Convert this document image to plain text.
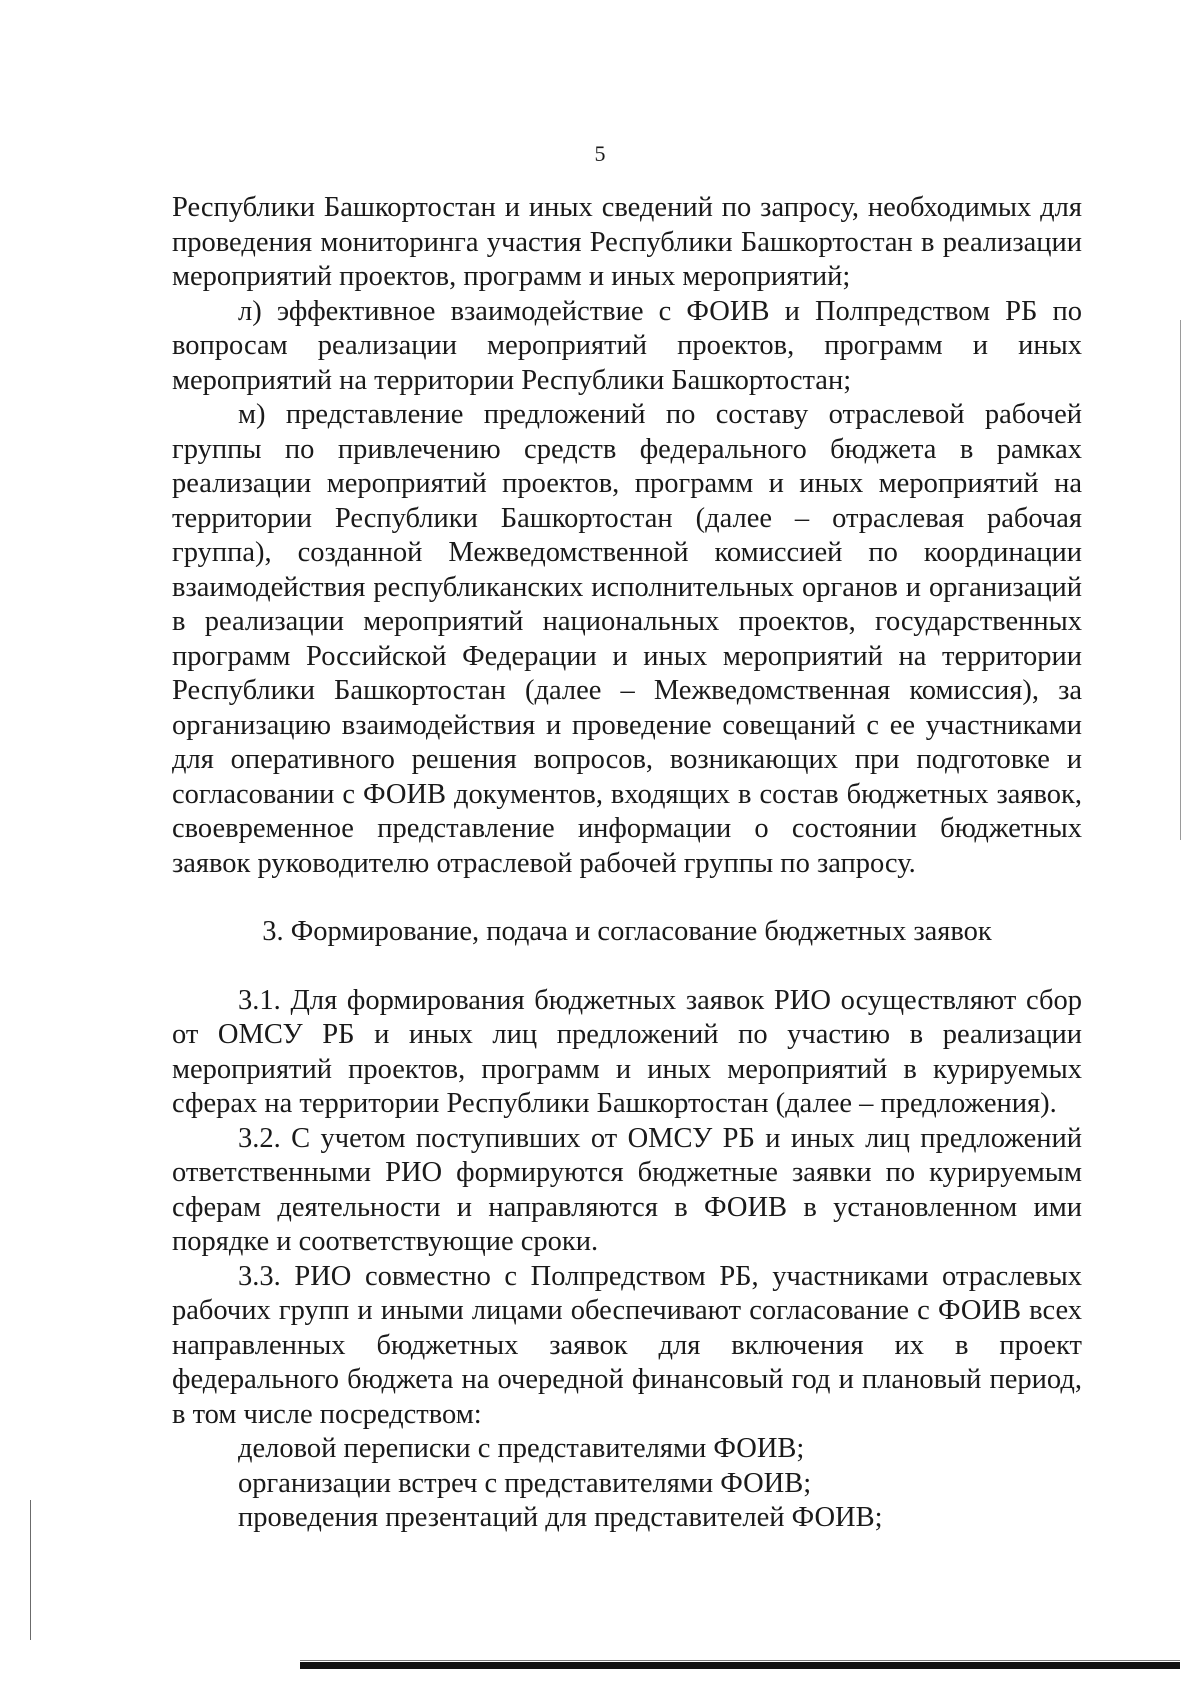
5

Республики Башкортостан и иных сведений по запросу, необходимых для проведения мониторинга участия Республики Башкортостан в реализации мероприятий проектов, программ и иных мероприятий;

л) эффективное взаимодействие с ФОИВ и Полпредством РБ по вопросам реализации мероприятий проектов, программ и иных мероприятий на территории Республики Башкортостан;

м) представление предложений по составу отраслевой рабочей группы по привлечению средств федерального бюджета в рамках реализации мероприятий проектов, программ и иных мероприятий на территории Республики Башкортостан (далее – отраслевая рабочая группа), созданной Межведомственной комиссией по координации взаимодействия республиканских исполнительных органов и организаций в реализации мероприятий национальных проектов, государственных программ Российской Федерации и иных мероприятий на территории Республики Башкортостан (далее – Межведомственная комиссия), за организацию взаимодействия и проведение совещаний с ее участниками для оперативного решения вопросов, возникающих при подготовке и согласовании с ФОИВ документов, входящих в состав бюджетных заявок, своевременное представление информации о состоянии бюджетных заявок руководителю отраслевой рабочей группы по запросу.

3. Формирование, подача и согласование бюджетных заявок

3.1. Для формирования бюджетных заявок РИО осуществляют сбор от ОМСУ РБ и иных лиц предложений по участию в реализации мероприятий проектов, программ и иных мероприятий в курируемых сферах на территории Республики Башкортостан (далее – предложения).

3.2. С учетом поступивших от ОМСУ РБ и иных лиц предложений ответственными РИО формируются бюджетные заявки по курируемым сферам деятельности и направляются в ФОИВ в установленном ими порядке и соответствующие сроки.

3.3. РИО совместно с Полпредством РБ, участниками отраслевых рабочих групп и иными лицами обеспечивают согласование с ФОИВ всех направленных бюджетных заявок для включения их в проект федерального бюджета на очередной финансовый год и плановый период, в том числе посредством:

деловой переписки с представителями ФОИВ;

организации встреч с представителями ФОИВ;

проведения презентаций для представителей ФОИВ;
